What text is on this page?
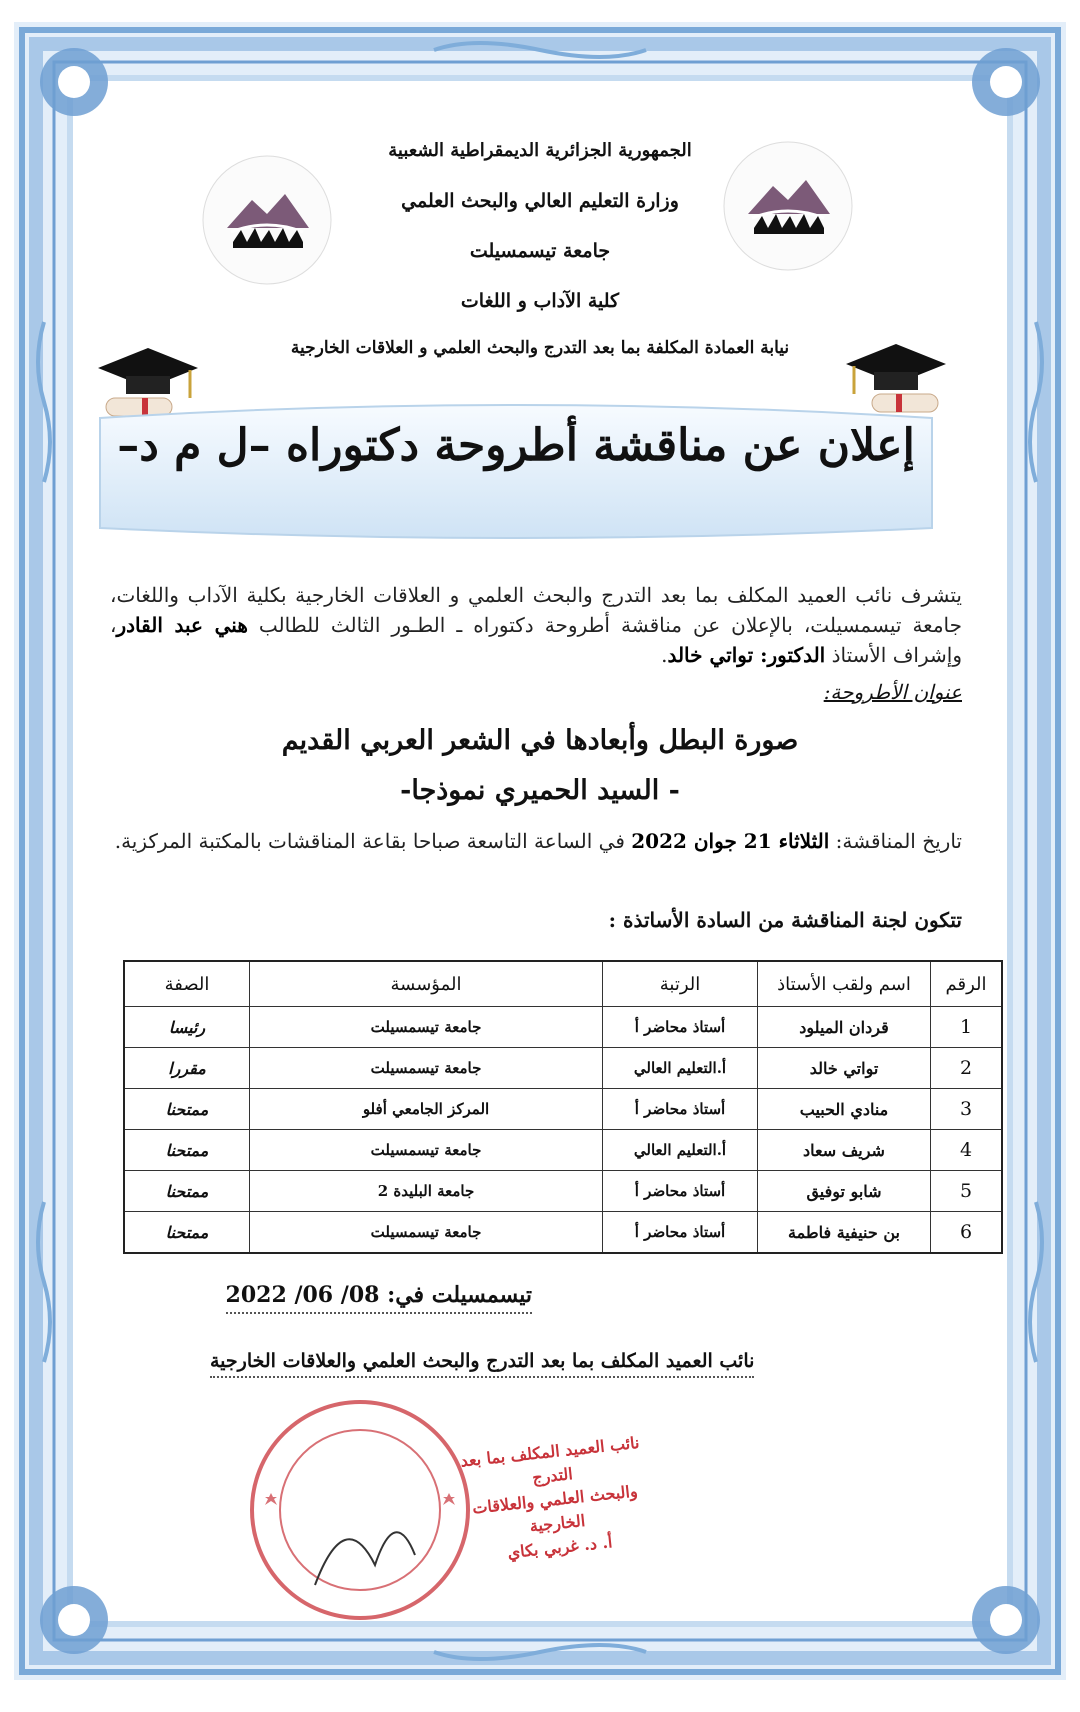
الجمهورية الجزائرية الديمقراطية الشعبية
وزارة التعليم العالي والبحث العلمي
جامعة تيسمسيلت
كلية الآداب و اللغات
نيابة العمادة المكلفة بما بعد التدرج والبحث العلمي و العلاقات الخارجية
إعلان عن مناقشة أطروحة دكتوراه –ل م د–
يتشرف نائب العميد المكلف بما بعد التدرج والبحث العلمي و العلاقات الخارجية بكلية الآداب واللغات، جامعة تيسمسيلت، بالإعلان عن مناقشة أطروحة دكتوراه ـ الطـور الثالث للطالب هني عبد القادر، وإشراف الأستاذ الدكتور: تواتي خالد.
عنوان الأطروحة:
صورة البطل وأبعادها في الشعر العربي القديم
- السيد الحميري نموذجا-
تاريخ المناقشة: الثلاثاء 21 جوان 2022 في الساعة التاسعة صباحا بقاعة المناقشات بالمكتبة المركزية.
تتكون لجنة المناقشة من السادة الأساتذة :
الرقم	اسم ولقب الأستاذ	الرتبة	المؤسسة	الصفة
1	قردان الميلود	أستاذ محاضر أ	جامعة تيسمسيلت	رئيسا
2	تواتي خالد	أ.التعليم العالي	جامعة تيسمسيلت	مقررا
3	منادي الحبيب	أستاذ محاضر أ	المركز الجامعي أفلو	ممتحنا
4	شريف سعاد	أ.التعليم العالي	جامعة تيسمسيلت	ممتحنا
5	شابو توفيق	أستاذ محاضر أ	جامعة البليدة 2	ممتحنا
6	بن حنيفية فاطمة	أستاذ محاضر أ	جامعة تيسمسيلت	ممتحنا
تيسمسيلت في: 08/ 06/ 2022
نائب العميد المكلف بما بعد التدرج والبحث العلمي والعلاقات الخارجية
نائب العميد المكلف بما بعد التدرج
والبحث العلمي والعلاقات الخارجية
أ. د. غربي بكاي
